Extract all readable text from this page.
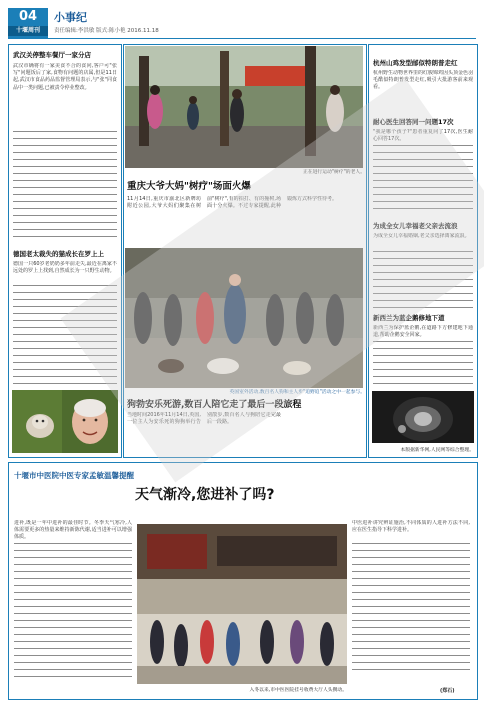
04
十堰周刊
小事纪
责任编辑:李洪敏 版式:陈小艳 2016.11.18
武汉关停整车餐厅一家分店
武汉市确将有一家美食不合的食问,客户可"张写"问题饭后了家,食物有问题的店属,但是11日起,武汉市食品药品监督管理局表示,与"张"同食品中一类问题,已被责令停业整改。
德国老太裁失的猫成长在罗上上
德国一只60岁老奶奶多年前走失,最近在离家不远处的罗上上找到,自然成长为一只野生动物。
正在进行运动"树疗"的老人。
重庆大爷大妈"树疗"场面火爆
11月14日,重庆市渝北区新牌坊附近公园,大爷大妈们聚集在树前"树疗",有的拍打、有的撞树,场面十分火爆。不过专家提醒,此种锻炼方式科学性待考。
英国室外活动,数百名人狗和主人步"追野追"活动之中一起参与。
狗勃安乐死游,数百人陪它走了最后一段旅程
当地时间2016年11月14日,英国,一位主人为安乐死的狗狗举行告别散步,数百名人与狗陪它走完最后一段路。
杭州山鸡发型邮似特朗普走红
杭州野生动物世界里的红腹锦鸡因头顶金色羽毛酷似特朗普发型走红,吸引大批游客前来观看。
耐心医生回答同一问题17次
"我是哪个孩子?"患者重复问了17次,医生耐心回答17次。
为成全女儿幸福老父亲去流浪
为成全女儿幸福婚姻,老父亲选择离家流浪。
新西兰为蓝企鹅修地下道
新西兰为保护蓝企鹅,在道路下方修建地下通道,帮助企鹅安全回家。
本版据新华网,人民网等综合整理。
十堰市中医院中医专家孟敏温馨提醒
天气渐冷,您进补了吗?
进补,既是一年中进补的最佳时节。冬季天气寒冷,人体需要更多的热量来维持新陈代谢,适当进补可以增强体质。
入冬以来,市中医医院挂号收费大厅人头攒动。
中医进补讲究辨证施治,不同体质的人进补方法不同,应在医生指导下科学进补。
(郑石)
